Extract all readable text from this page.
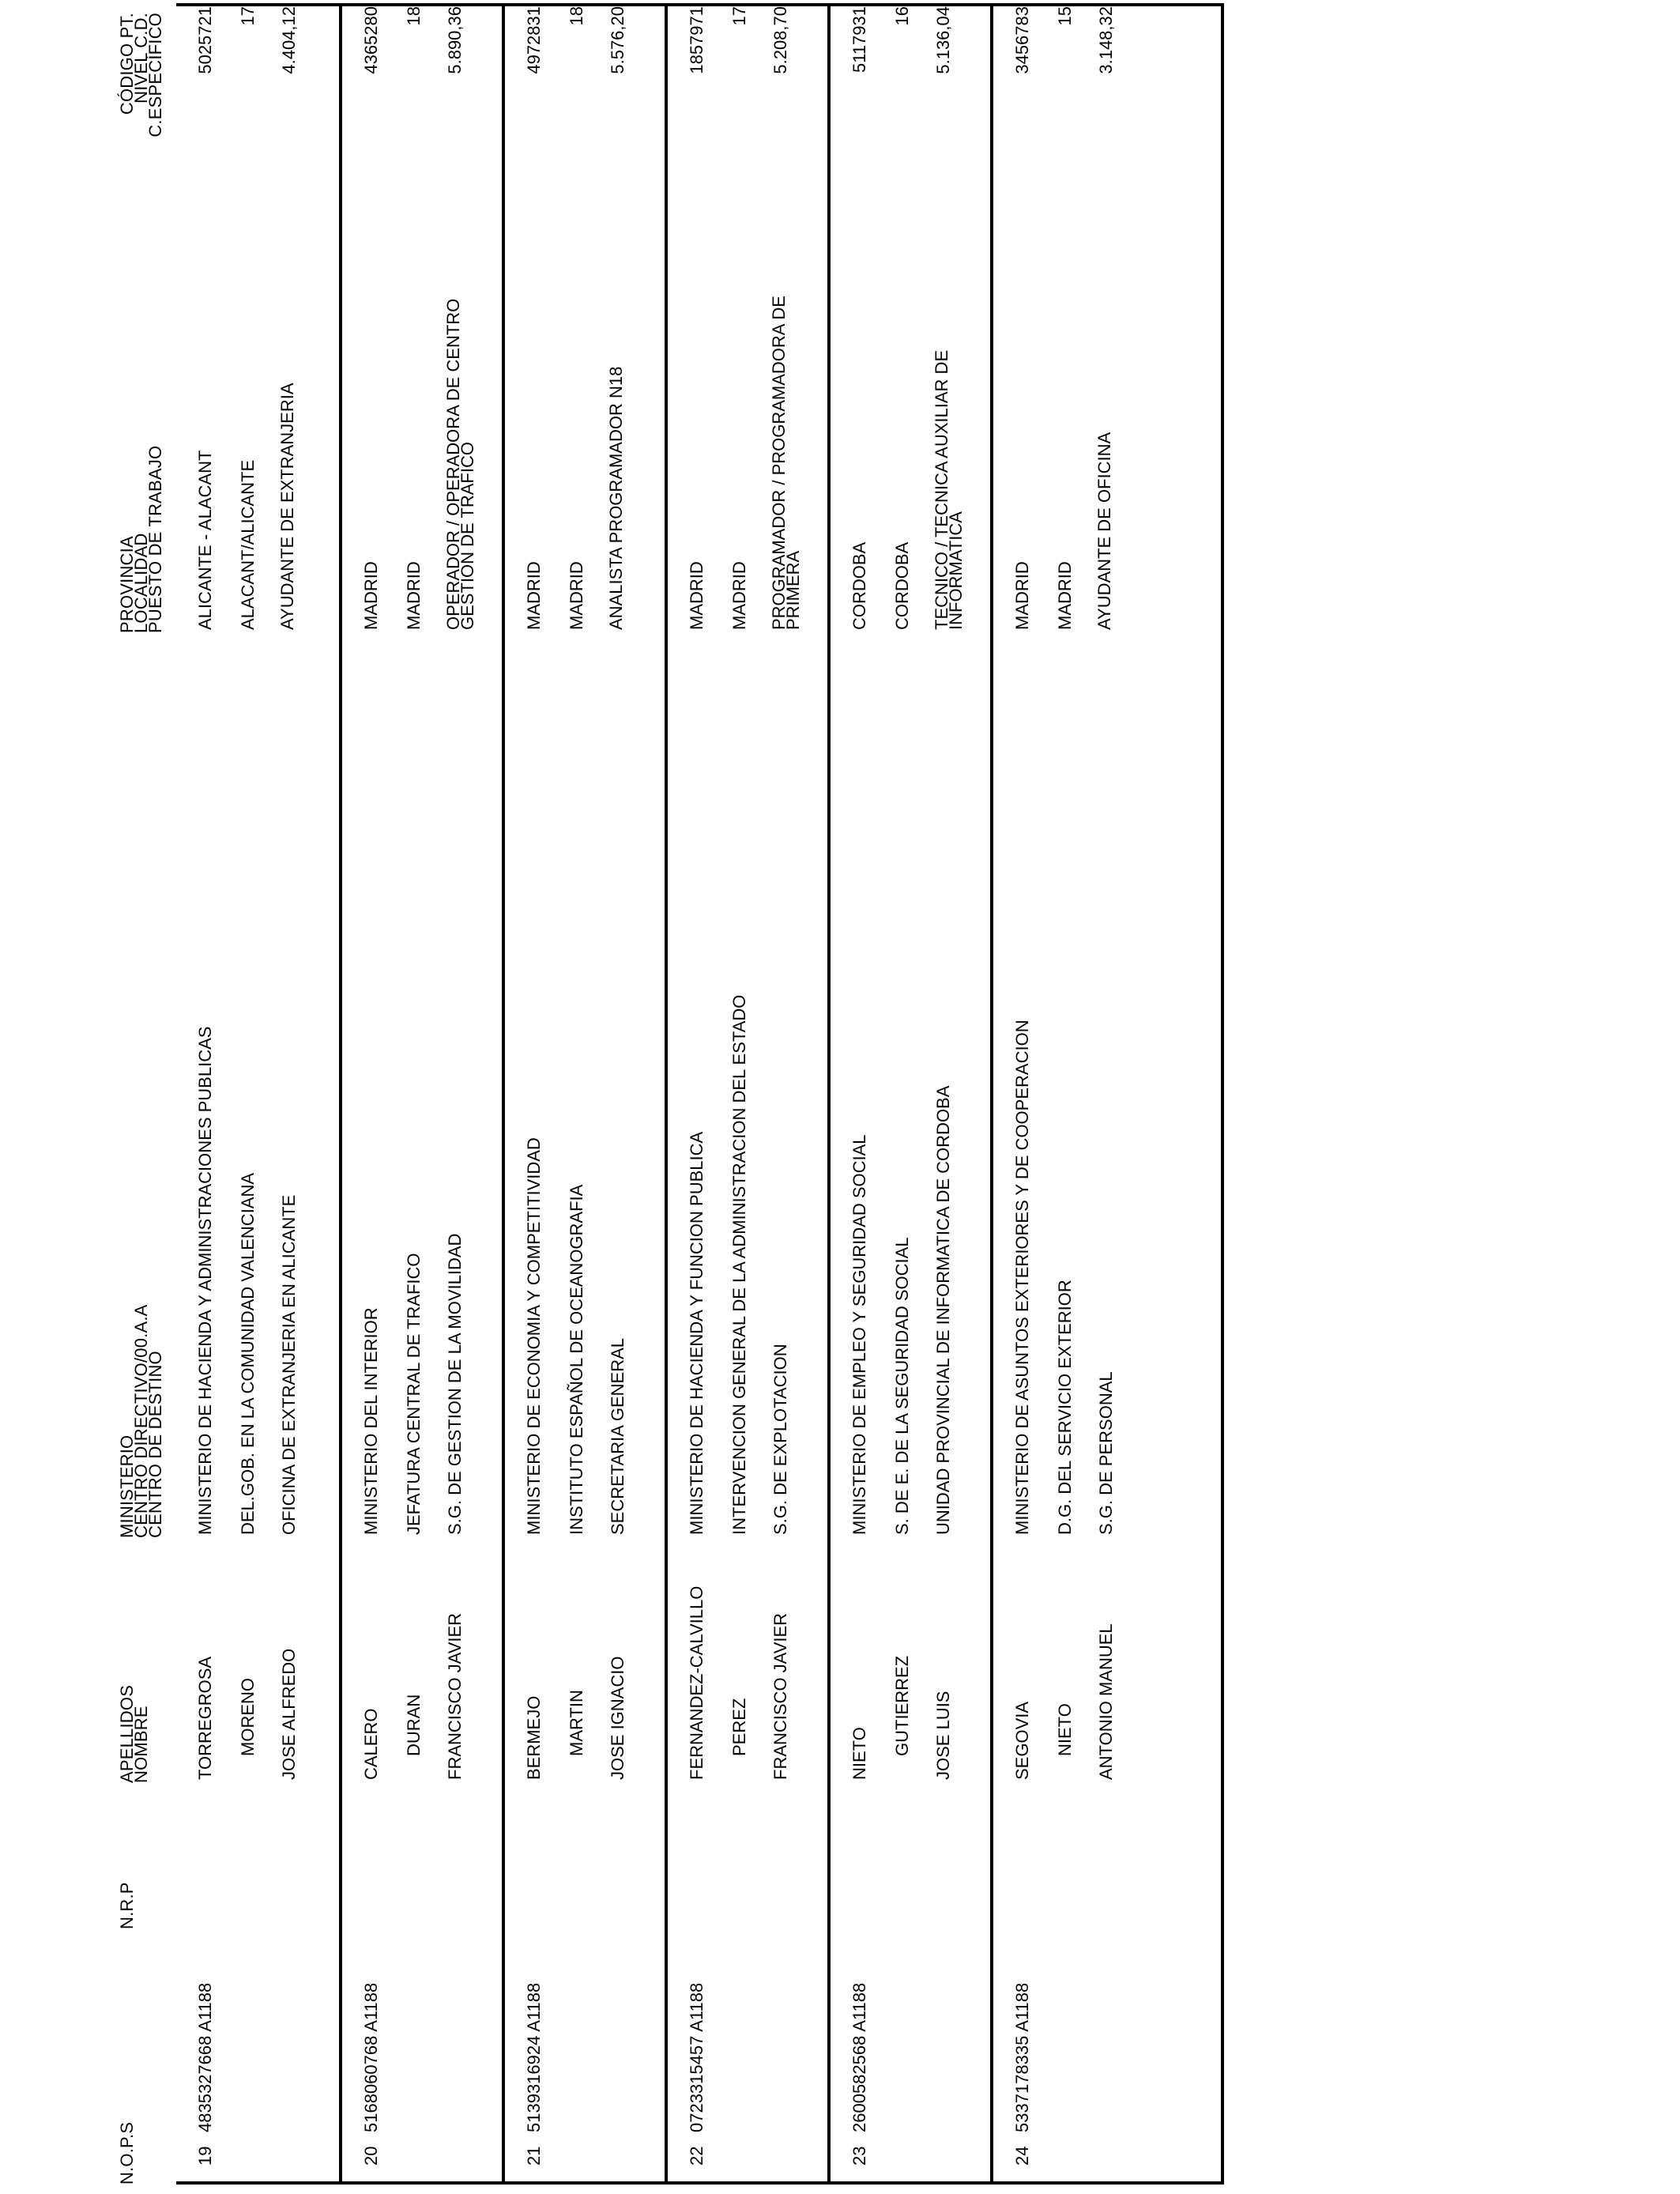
N.O.P.S
N.R.P
APELLIDOS
NOMBRE
MINISTERIO
CENTRO DIRECTIVO/00.A.A
CENTRO DE DESTINO
PROVINCIA
LOCALIDAD
PUESTO DE TRABAJO
CÓDIGO PT.
NIVEL C.D.
C.ESPECÍFICO
19
4835327668 A1188
TORREGROSA MORENO JOSE ALFREDO
MINISTERIO DE HACIENDA Y ADMINISTRACIONES PUBLICAS DEL.GOB. EN LA COMUNIDAD VALENCIANA OFICINA DE EXTRANJERIA EN ALICANTE
ALICANTE - ALACANT ALACANT/ALICANTE AYUDANTE DE EXTRANJERIA
5025721 17 4.404,12
20
5168060768 A1188
CALERO DURAN FRANCISCO JAVIER
MINISTERIO DEL INTERIOR JEFATURA CENTRAL DE TRAFICO S.G. DE GESTION DE LA MOVILIDAD
MADRID MADRID OPERADOR / OPERADORA DE CENTRO GESTION DE TRAFICO
4365280 18 5.890,36
21
5139316924 A1188
BERMEJO MARTIN JOSE IGNACIO
MINISTERIO DE ECONOMIA Y COMPETITIVIDAD INSTITUTO ESPAÑOL DE OCEANOGRAFIA SECRETARIA GENERAL
MADRID MADRID ANALISTA PROGRAMADOR N18
4972831 18 5.576,20
22
0723315457 A1188
FERNANDEZ-CALVILLO PEREZ FRANCISCO JAVIER
MINISTERIO DE HACIENDA Y FUNCION PUBLICA INTERVENCION GENERAL DE LA ADMINISTRACION DEL ESTADO S.G. DE EXPLOTACION
MADRID MADRID PROGRAMADOR / PROGRAMADORA DE PRIMERA
1857971 17 5.208,70
23
2600582568 A1188
NIETO GUTIERREZ JOSE LUIS
MINISTERIO DE EMPLEO Y SEGURIDAD SOCIAL S. DE E. DE LA SEGURIDAD SOCIAL UNIDAD PROVINCIAL DE INFORMATICA DE CORDOBA
CORDOBA CORDOBA TECNICO / TECNICA AUXILIAR DE INFORMATICA
5117931 16 5.136,04
24
5337178335 A1188
SEGOVIA NIETO ANTONIO MANUEL
MINISTERIO DE ASUNTOS EXTERIORES Y DE COOPERACION D.G. DEL SERVICIO EXTERIOR S.G. DE PERSONAL
MADRID MADRID AYUDANTE DE OFICINA
3456783 15 3.148,32
